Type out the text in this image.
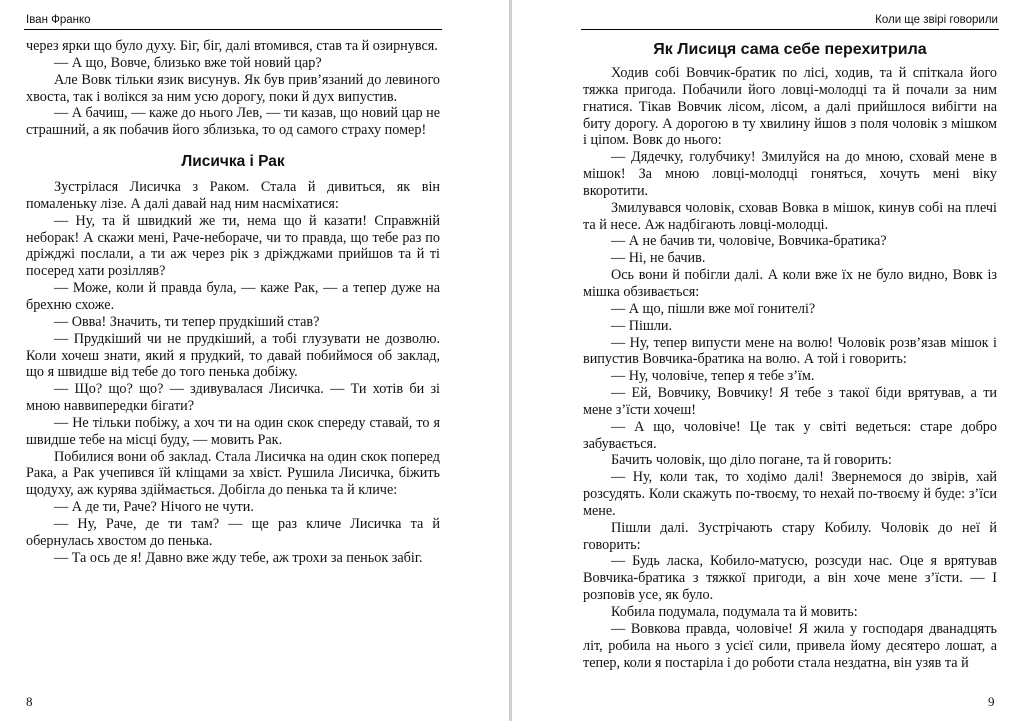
Іван Франко

через ярки що було духу. Біг, біг, далі втомився, став та й озирнувся.

— А що, Вовче, близько вже той новий цар?

Але Вовк тільки язик висунув. Як був прив’язаний до левиного хвоста, так і волікся за ним усю дорогу, поки й дух випустив.

— А бачиш, — каже до нього Лев, — ти казав, що новий цар не страшний, а як побачив його зблизька, то од самого страху помер!

Лисичка і Рак

Зустрілася Лисичка з Раком. Стала й дивиться, як він помаленьку лізе. А далі давай над ним насміхатися:

— Ну, та й швидкий же ти, нема що й казати! Справжній неборак! А скажи мені, Раче-небораче, чи то правда, що тебе раз по дріжджі послали, а ти аж через рік з дріжджами прийшов та й ті посеред хати розілляв?

— Може, коли й правда була, — каже Рак, — а тепер дуже на брехню схоже.

— Овва! Значить, ти тепер прудкіший став?

— Прудкіший чи не прудкіший, а тобі глузувати не дозволю. Коли хочеш знати, який я прудкий, то давай побиймося об заклад, що я швидше від тебе до того пенька добіжу.

— Що? що? що? — здивувалася Лисичка. — Ти хотів би зі мною наввипередки бігати?

— Не тільки побіжу, а хоч ти на один скок спереду ставай, то я швидше тебе на місці буду, — мовить Рак.

Побилися вони об заклад. Стала Лисичка на один скок поперед Рака, а Рак учепився їй кліщами за хвіст. Рушила Лисичка, біжить щодуху, аж курява здіймається. Добігла до пенька та й кличе:

— А де ти, Раче? Нічого не чути.

— Ну, Раче, де ти там? — ще раз кличе Лисичка та й обернулась хвостом до пенька.

— Та ось де я! Давно вже жду тебе, аж трохи за пеньок забіг.

8
Коли ще звірі говорили
Як Лисиця сама себе перехитрила

Ходив собі Вовчик-братик по лісі, ходив, та й спіткала його тяжка пригода. Побачили його ловці-молодці та й почали за ним гнатися. Тікав Вовчик лісом, лісом, а далі прийшлося вибігти на биту дорогу. А дорогою в ту хвилину йшов з поля чоловік з мішком і ціпом. Вовк до нього:

— Дядечку, голубчику! Змилуйся на до мною, сховай мене в мішок! За мною ловці-молодці гоняться, хочуть мені віку вкоротити.

Змилувався чоловік, сховав Вовка в мішок, кинув собі на плечі та й несе. Аж надбігають ловці-молодці.

— А не бачив ти, чоловіче, Вовчика-братика?

— Ні, не бачив.

Ось вони й побігли далі. А коли вже їх не було видно, Вовк із мішка обзивається:

— А що, пішли вже мої гонителі?

— Пішли.

— Ну, тепер випусти мене на волю! Чоловік розв’язав мішок і випустив Вовчика-братика на волю. А той і говорить:

— Ну, чоловіче, тепер я тебе з’їм.

— Ей, Вовчику, Вовчику! Я тебе з такої біди врятував, а ти мене з’їсти хочеш!

— А що, чоловіче! Це так у світі ведеться: старе добро забувається.

Бачить чоловік, що діло погане, та й говорить:

— Ну, коли так, то ходімо далі! Звернемося до звірів, хай розсудять. Коли скажуть по-твоєму, то нехай по-твоєму й буде: з’їси мене.

Пішли далі. Зустрічають стару Кобилу. Чоловік до неї й говорить:

— Будь ласка, Кобило-матусю, розсуди нас. Оце я врятував Вовчика-братика з тяжкої пригоди, а він хоче мене з’їсти. — І розповів усе, як було.

Кобила подумала, подумала та й мовить:

— Вовкова правда, чоловіче! Я жила у господаря дванадцять літ, робила на нього з усієї сили, привела йому десятеро лошат, а тепер, коли я постаріла і до роботи стала нездатна, він узяв та й

9
